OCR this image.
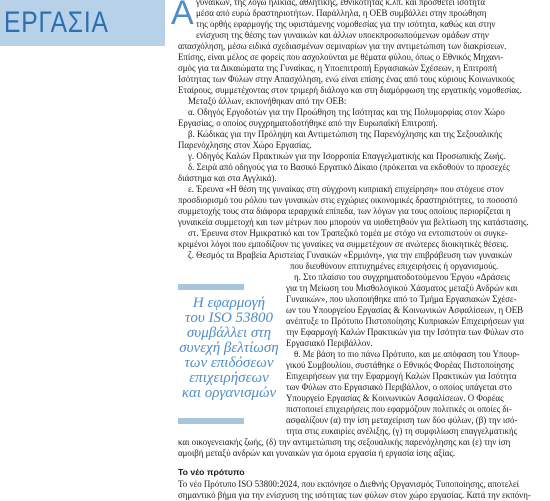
ΕΡΓΑΣΙΑ Α γυναικών, της λόγω ηλικίας, αθλητικής, εθνικότητας κ.λπ. και προσθέτει ίσότητα
μέσα από ευρώ δραστηριοτήτων. Παράλληλα, η ΟΕΒ συμβάλλει στην προώθηση
της ορθής εφαρμογής της υφιστάμενης νομοθεσίας για την ισότητα, καθώς και στην
ενίσχυση της θέσης των γυναικών και άλλων υποεκπροσωπούμενων ομάδων στην
απασχόληση, μέσω ειδικά σχεδιασμένων σεμιναρίων για την αντιμετώπιση των διακρίσεων.
Επίσης, είναι μέλος σε φορείς που ασχολούνται με θέματα φύλου, όπως ο Εθνικός Μηχανι-
σμός για τα Δικαιώματα της Γυναίκας, η Υποεπιτροπή Εργασιακών Σχέσεων, η Επιτροπή
Ισότητας των Φύλων στην Απασχόληση, ενώ είναι επίσης ένας από τους κύριους Κοινωνικούς
Εταίρους, συμμετέχοντας στον τριμερή διάλογο και στη διαμόρφωση της εργατικής νομοθεσίας.
Μεταξύ άλλων, εκπονήθηκαν από την ΟΕΒ:
α. Οδηγός Εργοδοτών για την Προώθηση της Ισότητας και της Πολυμορφίας στον Χώρο
Εργασίας, ο οποίος συγχρηματοδοτήθηκε από την Ευρωπαϊκή Επιτροπή.
β. Κώδικας για την Πρόληψη και Αντιμετώπιση της Παρενόχλησης και της Σεξουαλικής
Παρενόχλησης στον Χώρο Εργασίας.
γ. Οδηγός Καλών Πρακτικών για την Ισορροπία Επαγγελματικής και Προσωπικής Ζωής.
δ. Σειρά από οδηγούς για το Βασικό Εργατικό Δίκαιο (πρόκειται να εκδοθούν το προσεχές
διάστημα και στα Αγγλικά).
ε. Έρευνα «Η θέση της γυναίκας στη σύγχρονη κυπριακή επιχείρηση» που στόχευε στον
προσδιορισμό του ρόλου των γυναικών στις εγχώριες οικονομικές δραστηριότητες, το ποσοστό
συμμετοχής τους στα διάφορα ιεραρχικά επίπεδα, των λόγων για τους οποίους περιορίζεται η
γυναικεία συμμετοχή και των μέτρων που μπορούν να υιοθετηθούν για βελτίωση της κατάστασης.
στ. Έρευνα στον Ημικρατικό και τον Τραπεζικό τομέα με στόχο να εντοπιστούν οι συγκε-
κριμένοι λόγοι που εμποδίζουν τις γυναίκες να συμμετέχουν σε ανώτερες διοικητικές θέσεις.
ζ. Θεσμός τα Βραβεία Αριστείας Γυναικών «Ερμιόνη», για την επιβράβευση των γυναικών
που διευθύνουν επιτυχημένες επιχειρήσεις ή οργανισμούς.
Η εφαρμογή
του ISO 53800
συμβάλλει στη
συνεχή βελτίωση
των επιδόσεων
επιχειρήσεων
και οργανισμών
η. Στο πλαίσιο του συγχρηματοδοτούμενου Έργου «Δράσεις
για τη Μείωση του Μισθολογικού Χάσματος μεταξύ Ανδρών και
Γυναικών», που υλοποιήθηκε από το Τμήμα Εργασιακών Σχέσε-
ων του Υπουργείου Εργασίας & Κοινωνικών Ασφαλίσεων, η ΟΕΒ
ανέπτυξε το Πρότυπο Πιστοποίησης Κυπριακών Επιχειρήσεων για
την Εφαρμογή Καλών Πρακτικών για την Ισότητα των Φύλων στο
Εργασιακό Περιβάλλον.
θ. Με βάση το πιο πάνω Πρότυπο, και με απόφαση του Υπουρ-
γικού Συμβουλίου, συστάθηκε ο Εθνικός Φορέας Πιστοποίησης
Επιχειρήσεων για την Εφαρμογή Καλών Πρακτικών για Ισότητα
των Φύλων στο Εργασιακό Περιβάλλον, ο οποίος υπάγεται στο
Υπουργείο Εργασίας & Κοινωνικών Ασφαλίσεων. Ο Φορέας
πιστοποιεί επιχειρήσεις που εφαρμόζουν πολιτικές οι οποίες δι-
ασφαλίζουν (α) την ίση μεταχείριση των δύο φύλων, (β) την ισό-
τητα στις ευκαιρίες ανέλιξης, (γ) τη συμφιλίωση επαγγελματικής
και οικογενειακής ζωής, (δ) την αντιμετώπιση της σεξουαλικής παρενόχλησης και (ε) την ίση
αμοιβή μεταξύ ανδρών και γυναικών για όμοια εργασία ή εργασία ίσης αξίας.
Το νέο πρότυπο
Το νέο Πρότυπο ISO 53800:2024, που εκπόνησε ο Διεθνής Οργανισμός Τυποποίησης, αποτελεί
σημαντικό βήμα για την ενίσχυση της ισότητας των φύλων στον χώρο εργασίας. Κατά την εκπόνη-
